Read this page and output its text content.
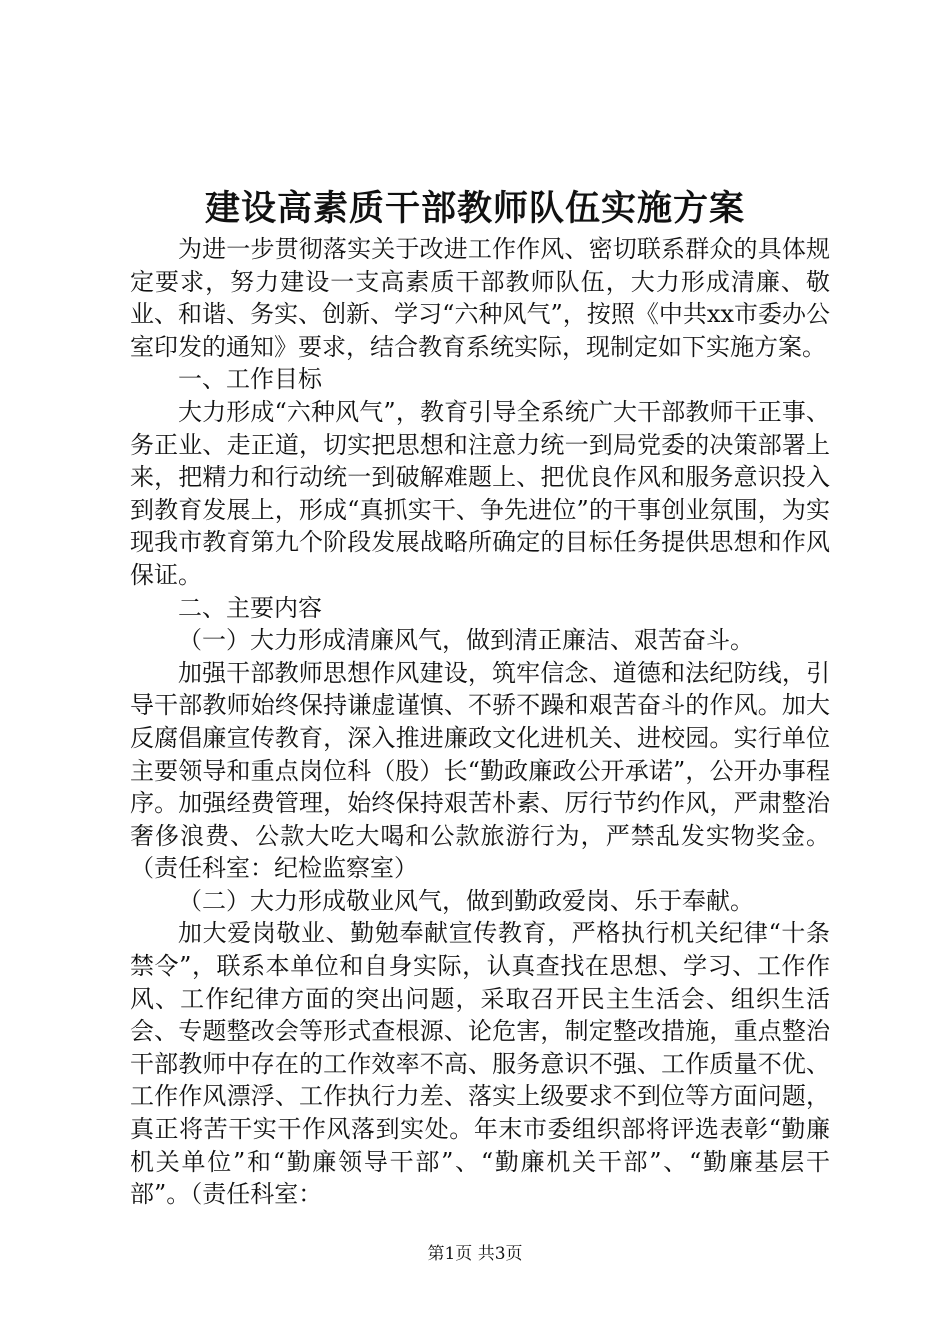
建设高素质干部教师队伍实施方案

为进一步贯彻落实关于改进工作作风、密切联系群众的具体规定要求，努力建设一支高素质干部教师队伍，大力形成清廉、敬业、和谐、务实、创新、学习“六种风气”，按照《中共xx市委办公室印发的通知》要求，结合教育系统实际，现制定如下实施方案。

一、工作目标

大力形成“六种风气”，教育引导全系统广大干部教师干正事、务正业、走正道，切实把思想和注意力统一到局党委的决策部署上来，把精力和行动统一到破解难题上、把优良作风和服务意识投入到教育发展上，形成“真抓实干、争先进位”的干事创业氛围，为实现我市教育第九个阶段发展战略所确定的目标任务提供思想和作风保证。

二、主要内容

（一）大力形成清廉风气，做到清正廉洁、艰苦奋斗。

加强干部教师思想作风建设，筑牢信念、道德和法纪防线，引导干部教师始终保持谦虚谨慎、不骄不躁和艰苦奋斗的作风。加大反腐倡廉宣传教育，深入推进廉政文化进机关、进校园。实行单位主要领导和重点岗位科（股）长“勤政廉政公开承诺”，公开办事程序。加强经费管理，始终保持艰苦朴素、厉行节约作风，严肃整治奢侈浪费、公款大吃大喝和公款旅游行为，严禁乱发实物奖金。（责任科室：纪检监察室）

（二）大力形成敬业风气，做到勤政爱岗、乐于奉献。

加大爱岗敬业、勤勉奉献宣传教育，严格执行机关纪律“十条禁令”，联系本单位和自身实际，认真查找在思想、学习、工作作风、工作纪律方面的突出问题，采取召开民主生活会、组织生活会、专题整改会等形式查根源、论危害，制定整改措施，重点整治干部教师中存在的工作效率不高、服务意识不强、工作质量不优、工作作风漂浮、工作执行力差、落实上级要求不到位等方面问题，真正将苦干实干作风落到实处。年末市委组织部将评选表彰“勤廉机关单位”和“勤廉领导干部”、“勤廉机关干部”、“勤廉基层干部”。（责任科室：

第1页 共3页
